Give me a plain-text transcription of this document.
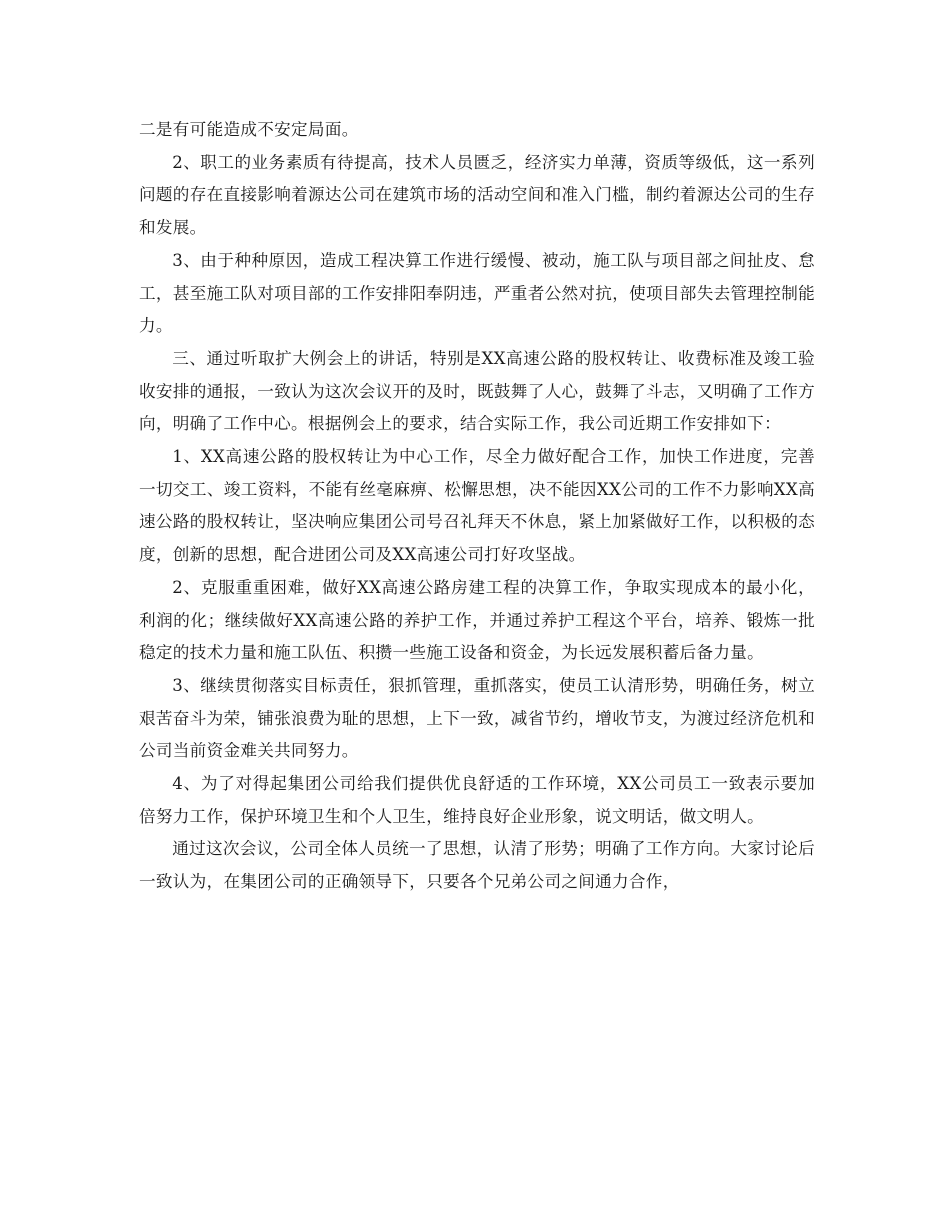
二是有可能造成不安定局面。

2、职工的业务素质有待提高，技术人员匮乏，经济实力单薄，资质等级低，这一系列问题的存在直接影响着源达公司在建筑市场的活动空间和准入门槛，制约着源达公司的生存和发展。

3、由于种种原因，造成工程决算工作进行缓慢、被动，施工队与项目部之间扯皮、怠工，甚至施工队对项目部的工作安排阳奉阴违，严重者公然对抗，使项目部失去管理控制能力。

三、通过听取扩大例会上的讲话，特别是XX高速公路的股权转让、收费标准及竣工验收安排的通报，一致认为这次会议开的及时，既鼓舞了人心，鼓舞了斗志，又明确了工作方向，明确了工作中心。根据例会上的要求，结合实际工作，我公司近期工作安排如下：

1、XX高速公路的股权转让为中心工作，尽全力做好配合工作，加快工作进度，完善一切交工、竣工资料，不能有丝毫麻痹、松懈思想，决不能因XX公司的工作不力影响XX高速公路的股权转让，坚决响应集团公司号召礼拜天不休息，紧上加紧做好工作，以积极的态度，创新的思想，配合进团公司及XX高速公司打好攻坚战。

2、克服重重困难，做好XX高速公路房建工程的决算工作，争取实现成本的最小化，利润的化；继续做好XX高速公路的养护工作，并通过养护工程这个平台，培养、锻炼一批稳定的技术力量和施工队伍、积攒一些施工设备和资金，为长远发展积蓄后备力量。

3、继续贯彻落实目标责任，狠抓管理，重抓落实，使员工认清形势，明确任务，树立艰苦奋斗为荣，铺张浪费为耻的思想，上下一致，减省节约，增收节支，为渡过经济危机和公司当前资金难关共同努力。

4、为了对得起集团公司给我们提供优良舒适的工作环境，XX公司员工一致表示要加倍努力工作，保护环境卫生和个人卫生，维持良好企业形象，说文明话，做文明人。

通过这次会议，公司全体人员统一了思想，认清了形势；明确了工作方向。大家讨论后一致认为，在集团公司的正确领导下，只要各个兄弟公司之间通力合作，
